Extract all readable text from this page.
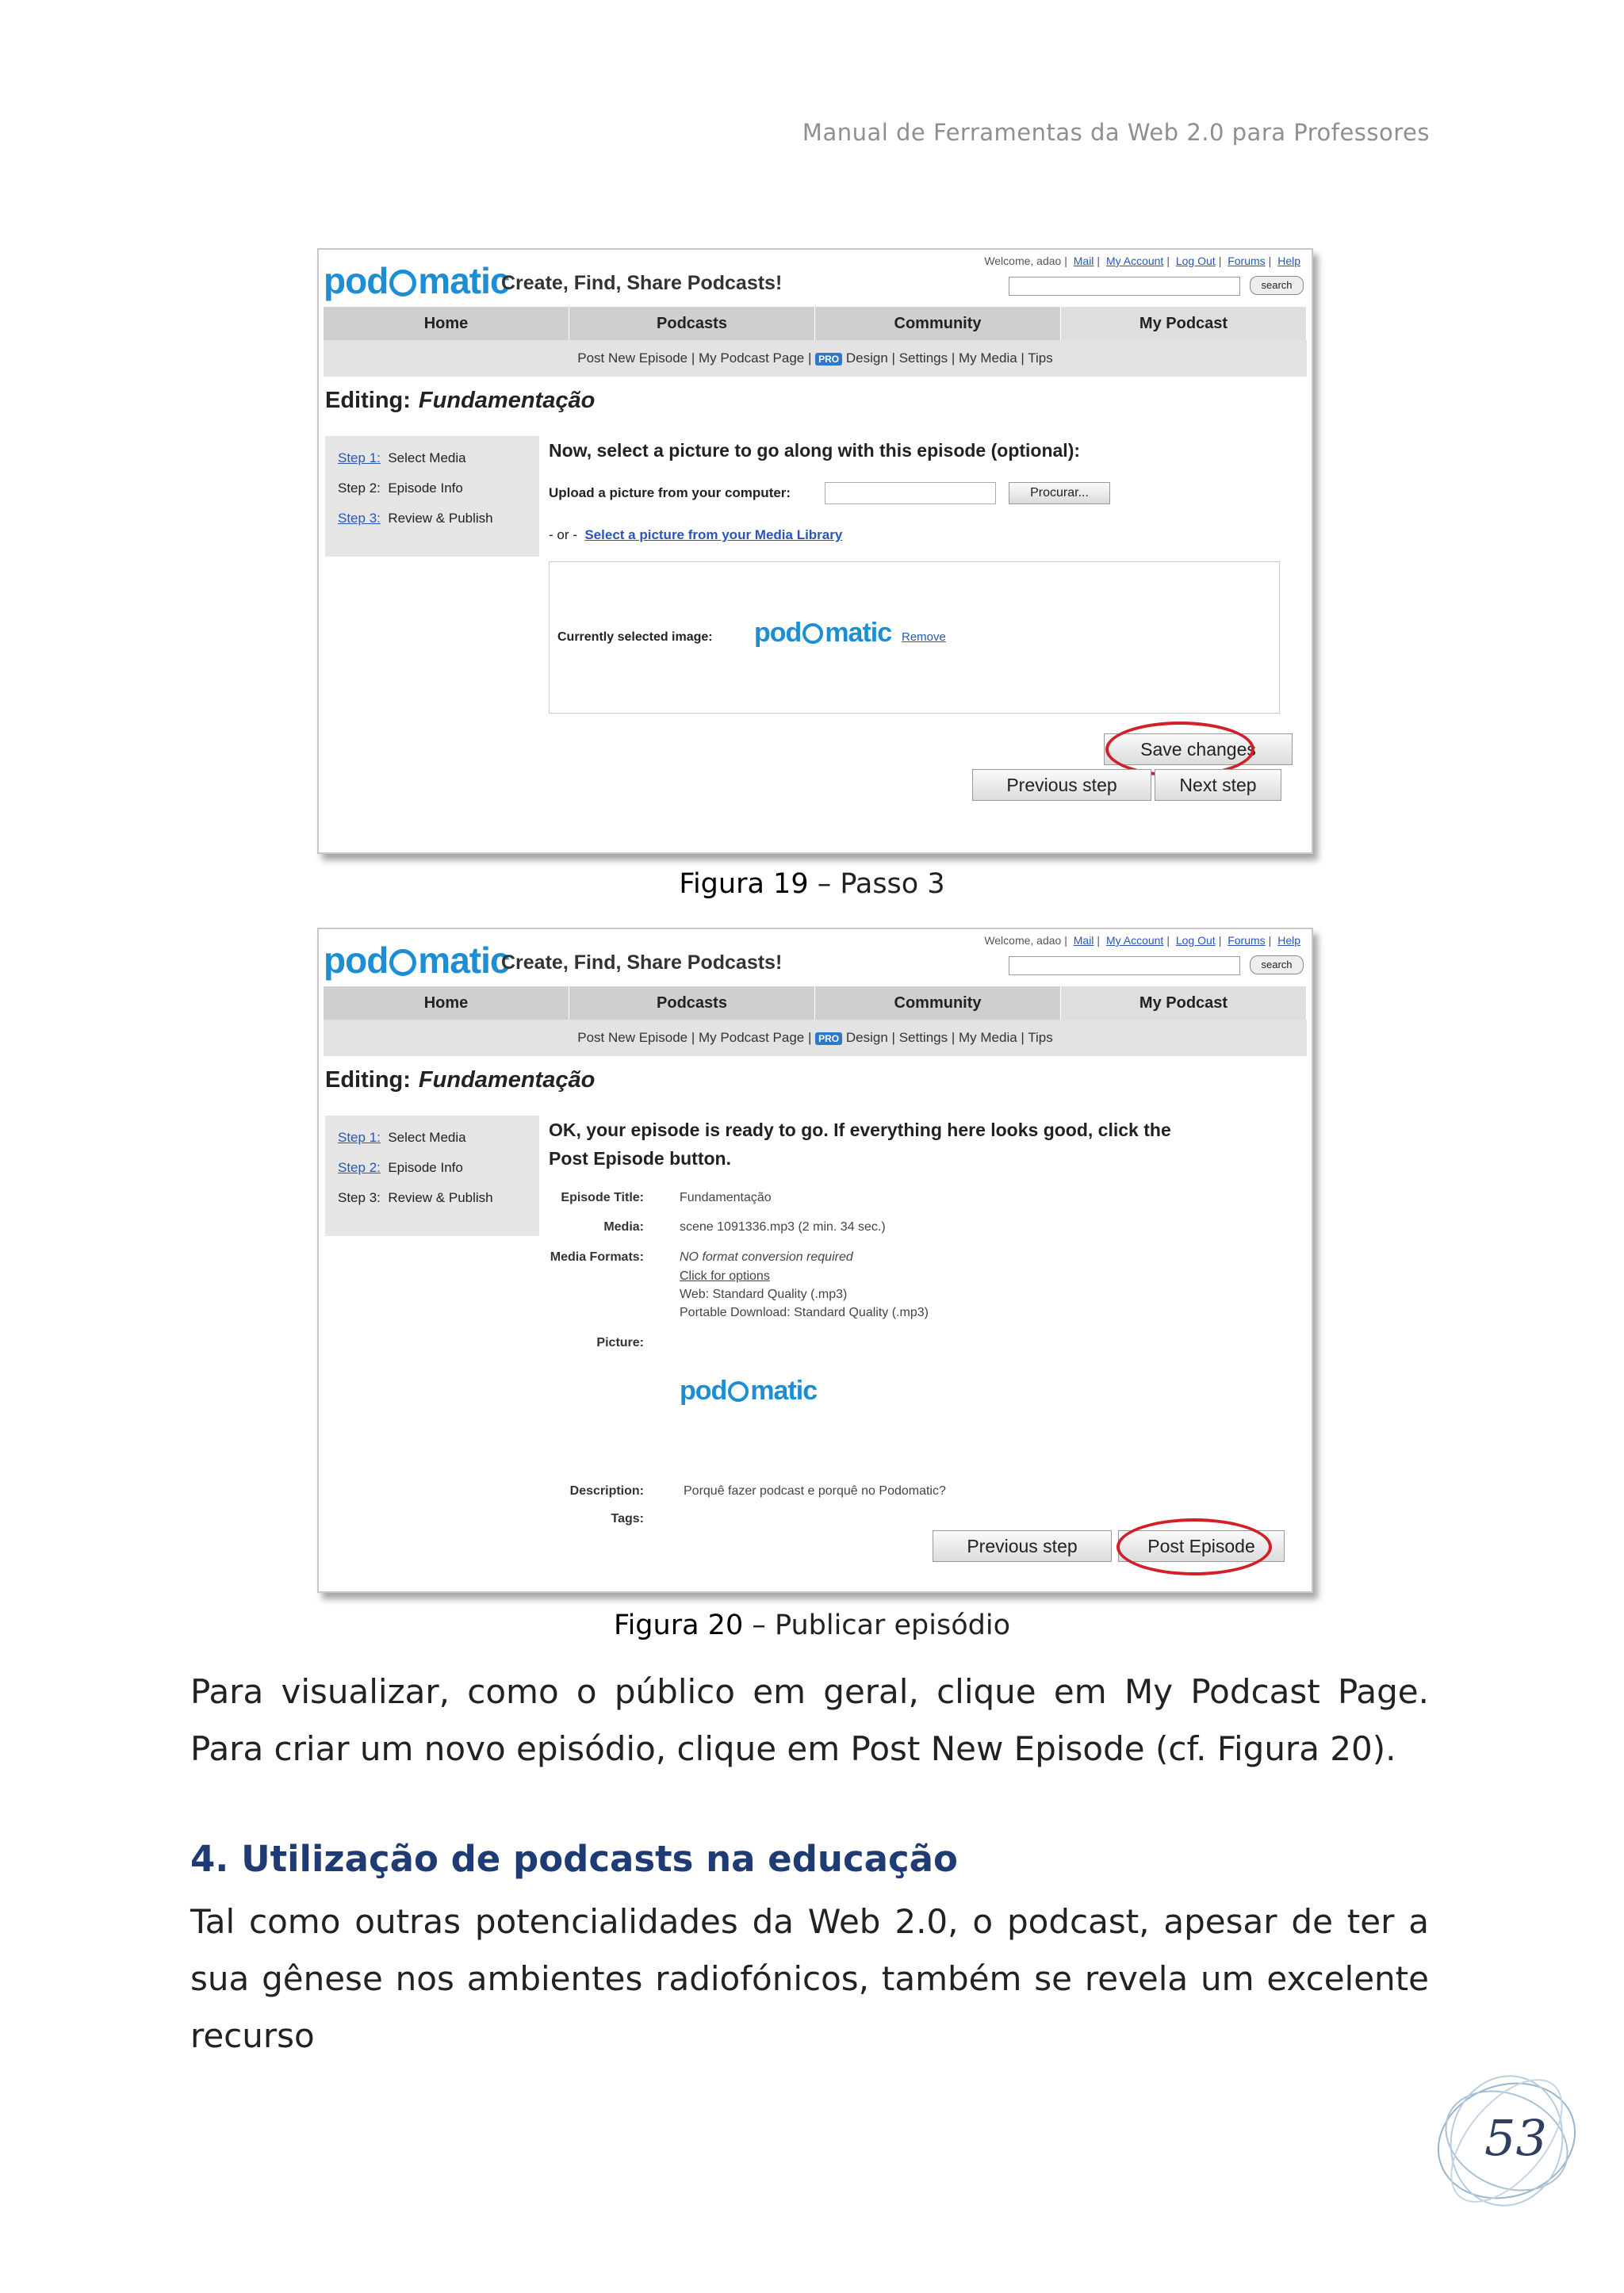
Manual de Ferramentas da Web 2.0 para Professores
pod matic
Create, Find, Share Podcasts!
Welcome, adao | Mail | My Account | Log Out | Forums | Help
search
Home	Podcasts	Community	My Podcast
Post New Episode | My Podcast Page | PRO Design | Settings | My Media | Tips
Editing: Fundamentação
Step 1: Select Media
Step 2: Episode Info
Step 3: Review & Publish
Now, select a picture to go along with this episode (optional):
Upload a picture from your computer:	Procurar...
- or - Select a picture from your Media Library
Currently selected image: pod matic Remove
Save changes
Previous step	Next step
Figura 19 – Passo 3
pod matic
Create, Find, Share Podcasts!
Welcome, adao | Mail | My Account | Log Out | Forums | Help
search
Home	Podcasts	Community	My Podcast
Post New Episode | My Podcast Page | PRO Design | Settings | My Media | Tips
Editing: Fundamentação
Step 1: Select Media
Step 2: Episode Info
Step 3: Review & Publish
OK, your episode is ready to go. If everything here looks good, click the
Post Episode button.
Episode Title:	Fundamentação
Media:	scene 1091336.mp3 (2 min. 34 sec.)
Media Formats:	NO format conversion required
Click for options
Web: Standard Quality (.mp3)
Portable Download: Standard Quality (.mp3)
Picture:
pod matic
Description:	Porquê fazer podcast e porquê no Podomatic?
Tags:
Previous step	Post Episode
Figura 20 – Publicar episódio
Para visualizar, como o público em geral, clique em My Podcast Page. Para criar um novo episódio, clique em Post New Episode (cf. Figura 20).
4. Utilização de podcasts na educação
Tal como outras potencialidades da Web 2.0, o podcast, apesar de ter a sua gênese nos ambientes radiofónicos, também se revela um excelente recurso
53
